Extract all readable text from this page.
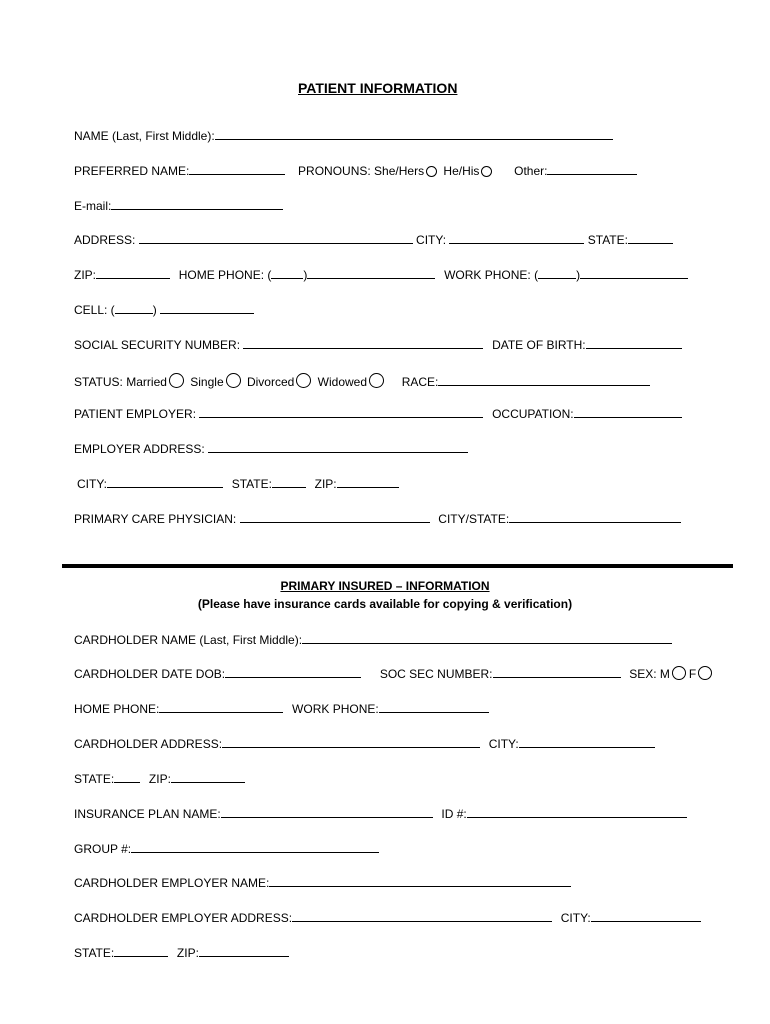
PATIENT INFORMATION
NAME (Last, First Middle):
PREFERRED NAME:	PRONOUNS: She/Hers He/His	Other:
E-mail:
ADDRESS:	CITY:	STATE:
ZIP:	HOME PHONE: (	)	WORK PHONE: (	)
CELL: (	)
SOCIAL SECURITY NUMBER:	DATE OF BIRTH:
STATUS: Married Single Divorced Widowed	RACE:
PATIENT EMPLOYER:	OCCUPATION:
EMPLOYER ADDRESS:
CITY:	STATE:	ZIP:
PRIMARY CARE PHYSICIAN:	CITY/STATE:
PRIMARY INSURED – INFORMATION
(Please have insurance cards available for copying & verification)
CARDHOLDER NAME (Last, First Middle):
CARDHOLDER DATE DOB:	SOC SEC NUMBER:	SEX: M F
HOME PHONE:	WORK PHONE:
CARDHOLDER ADDRESS:	CITY:
STATE:	ZIP:
INSURANCE PLAN NAME:	ID #:
GROUP #:
CARDHOLDER EMPLOYER NAME:
CARDHOLDER EMPLOYER ADDRESS:	CITY:
STATE:	ZIP:
